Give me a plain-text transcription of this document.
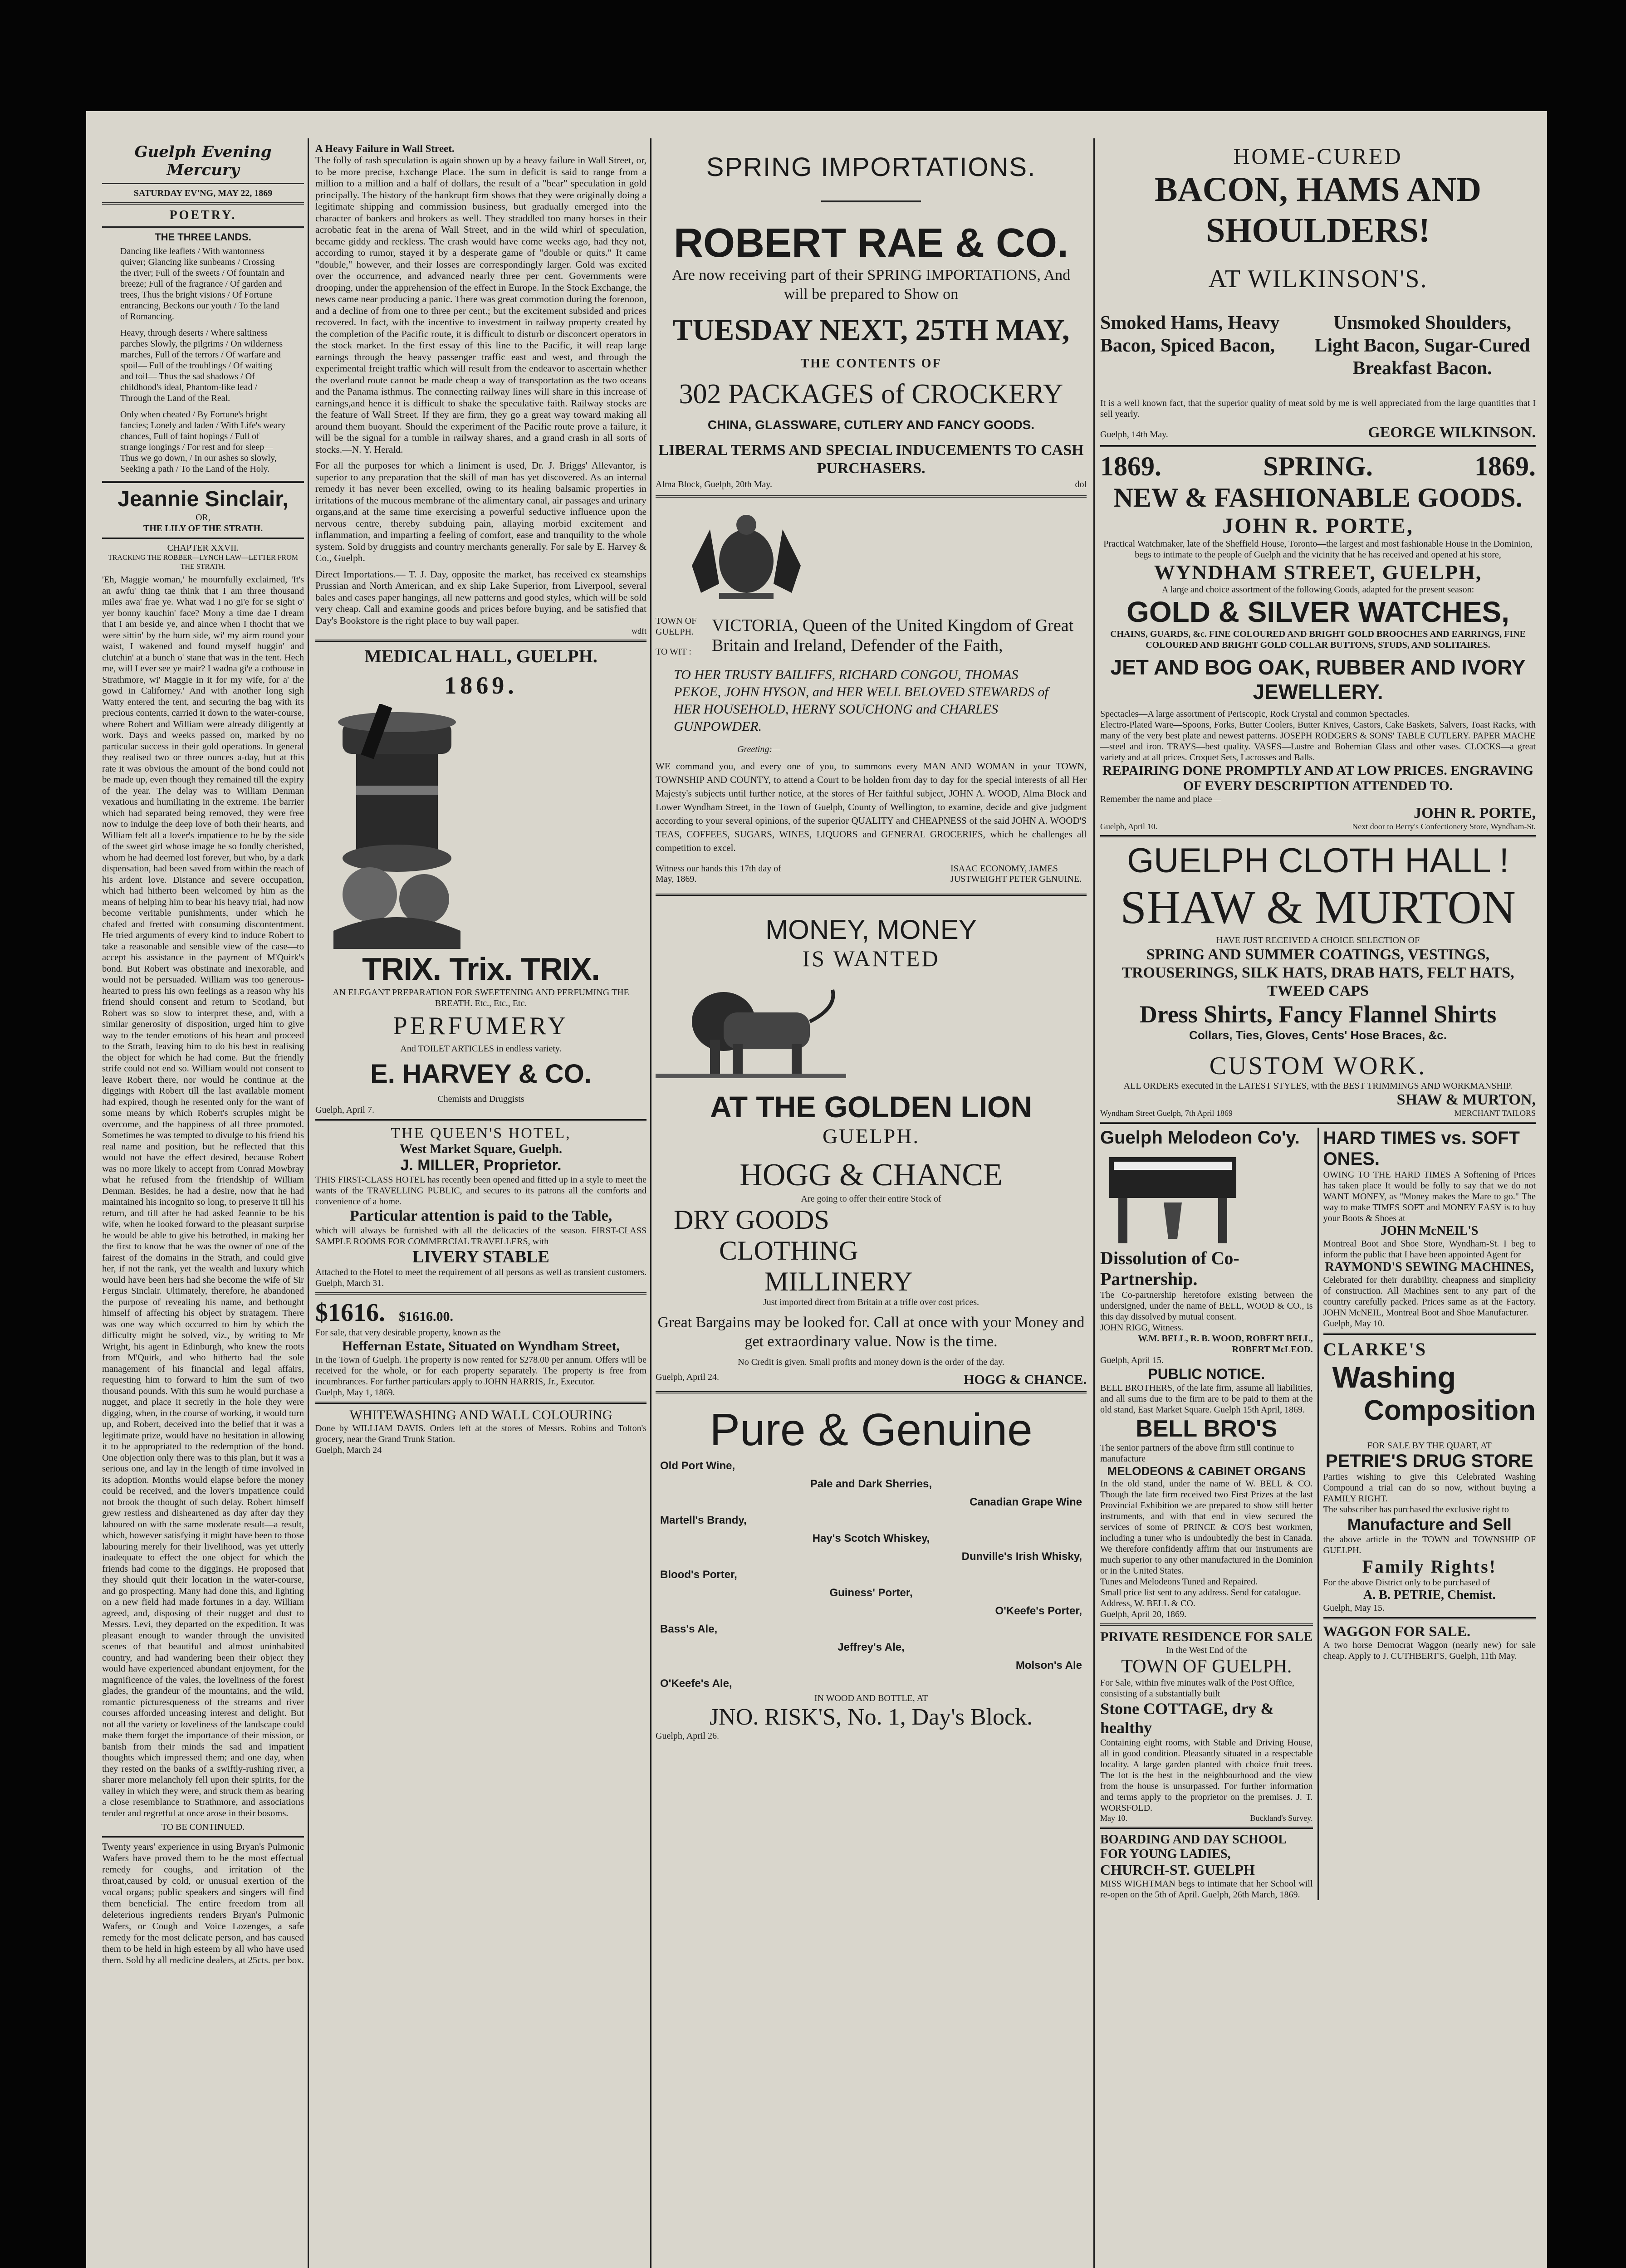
Guelph Evening Mercury
SATURDAY EV'NG, MAY 22, 1869
POETRY.
THE THREE LANDS.

Dancing like leaflets / With wantonness quiver; Glancing like sunbeams / Crossing the river; Full of the sweets / Of fountain and breeze; Full of the fragrance / Of garden and trees, Thus the bright visions / Of Fortune entrancing, Beckons our youth / To the land of Romancing.

Heavy, through deserts / Where saltiness parches Slowly, the pilgrims / On wilderness marches, Full of the terrors / Of warfare and spoil— Full of the troublings / Of waiting and toil— Thus the sad shadows / Of childhood's ideal, Phantom-like lead / Through the Land of the Real.

Only when cheated / By Fortune's bright fancies; Lonely and laden / With Life's weary chances, Full of faint hopings / Full of strange longings / For rest and for sleep— Thus we go down, / In our ashes so slowly, Seeking a path / To the Land of the Holy.

Jeannie Sinclair,
OR,
THE LILY OF THE STRATH.
CHAPTER XXVII.
TRACKING THE ROBBER—LYNCH LAW—LETTER FROM THE STRATH.

'Eh, Maggie woman,' he mournfully exclaimed, 'It's an awfu' thing tae think that I am three thousand miles awa' frae ye. What wad I no gi'e for se sight o' yer bonny kauchin' face? Mony a time dae I dream that I am beside ye, and aince when I thocht that we were sittin' by the burn side, wi' my airm round your waist, I wakened and found myself huggin' and clutchin' at a bunch o' stane that was in the tent. Hech me, will I ever see ye mair? I wadna gi'e a cotbouse in Strathmore, wi' Maggie in it for my wife, for a' the gowd in Californey.' And with another long sigh Watty entered the tent, and securing the bag with its precious contents, carried it down to the water-course, where Robert and William were already diligently at work. Days and weeks passed on, marked by no particular success in their gold operations. In general they realised two or three ounces a-day, but at this rate it was obvious the amount of the bond could not be made up, even though they remained till the expiry of the year. The delay was to William Denman vexatious and humiliating in the extreme. The barrier which had separated being removed, they were free now to indulge the deep love of both their hearts, and William felt all a lover's impatience to be by the side of the sweet girl whose image he so fondly cherished, whom he had deemed lost forever, but who, by a dark dispensation, had been saved from within the reach of his ardent love. Distance and severe occupation, which had hitherto been welcomed by him as the means of helping him to bear his heavy trial, had now become veritable punishments, under which he chafed and fretted with consuming discontentment. He tried arguments of every kind to induce Robert to take a reasonable and sensible view of the case—to accept his assistance in the payment of M'Quirk's bond. But Robert was obstinate and inexorable, and would not be persuaded. William was too generous-hearted to press his own feelings as a reason why his friend should consent and return to Scotland, but Robert was so slow to interpret these, and, with a similar generosity of disposition, urged him to give way to the tender emotions of his heart and proceed to the Strath, leaving him to do his best in realising the object for which he had come. But the friendly strife could not end so. William would not consent to leave Robert there, nor would he continue at the diggings with Robert till the last available moment had expired, though he resented only for the want of some means by which Robert's scruples might be overcome, and the happiness of all three promoted. Sometimes he was tempted to divulge to his friend his real name and position, but he reflected that this would not have the effect desired, because Robert was no more likely to accept from Conrad Mowbray what he refused from the friendship of William Denman. Besides, he had a desire, now that he had maintained his incognito so long, to preserve it till his return, and till after he had asked Jeannie to be his wife, when he looked forward to the pleasant surprise he would be able to give his betrothed, in making her the first to know that he was the owner of one of the fairest of the domains in the Strath, and could give her, if not the rank, yet the wealth and luxury which would have been hers had she become the wife of Sir Fergus Sinclair. Ultimately, therefore, he abandoned the purpose of revealing his name, and bethought himself of affecting his object by stratagem. There was one way which occurred to him by which the difficulty might be solved, viz., by writing to Mr Wright, his agent in Edinburgh, who knew the roots from M'Quirk, and who hitherto had the sole management of his financial and legal affairs, requesting him to forward to him the sum of two thousand pounds. With this sum he would purchase a nugget, and place it secretly in the hole they were digging, when, in the course of working, it would turn up, and Robert, deceived into the belief that it was a legitimate prize, would have no hesitation in allowing it to be appropriated to the redemption of the bond. One objection only there was to this plan, but it was a serious one, and lay in the length of time involved in its adoption. Months would elapse before the money could be received, and the lover's impatience could not brook the thought of such delay. Robert himself grew restless and disheartened as day after day they laboured on with the same moderate result—a result, which, however satisfying it might have been to those labouring merely for their livelihood, was yet utterly inadequate to effect the one object for which the friends had come to the diggings. He proposed that they should quit their location in the water-course, and go prospecting. Many had done this, and lighting on a new field had made fortunes in a day. William agreed, and, disposing of their nugget and dust to Messrs. Levi, they departed on the expedition. It was pleasant enough to wander through the unvisited scenes of that beautiful and almost uninhabited country, and had wandering been their object they would have experienced abundant enjoyment, for the magnificence of the vales, the loveliness of the forest glades, the grandeur of the mountains, and the wild, romantic picturesqueness of the streams and river courses afforded unceasing interest and delight. But not all the variety or loveliness of the landscape could make them forget the importance of their mission, or banish from their minds the sad and impatient thoughts which impressed them; and one day, when they rested on the banks of a swiftly-rushing river, a sharer more melancholy fell upon their spirits, for the valley in which they were, and struck them as bearing a close resemblance to Strathmore, and associations tender and regretful at once arose in their bosoms.

TO BE CONTINUED.

Twenty years' experience in using Bryan's Pulmonic Wafers have proved them to be the most effectual remedy for coughs, and irritation of the throat,caused by cold, or unusual exertion of the vocal organs; public speakers and singers will find them beneficial. The entire freedom from all deleterious ingredients renders Bryan's Pulmonic Wafers, or Cough and Voice Lozenges, a safe remedy for the most delicate person, and has caused them to be held in high esteem by all who have used them. Sold by all medicine dealers, at 25cts. per box.

A Heavy Failure in Wall Street.

The folly of rash speculation is again shown up by a heavy failure in Wall Street, or, to be more precise, Exchange Place. The sum in deficit is said to range from a million to a million and a half of dollars, the result of a "bear" speculation in gold principally. The history of the bankrupt firm shows that they were originally doing a legitimate shipping and commission business, but gradually emerged into the character of bankers and brokers as well. They straddled too many horses in their acrobatic feat in the arena of Wall Street, and in the wild whirl of speculation, became giddy and reckless. The crash would have come weeks ago, had they not, according to rumor, stayed it by a desperate game of "double or quits." It came "double," however, and their losses are correspondingly larger. Gold was excited over the occurrence, and advanced nearly three per cent. Governments were drooping, under the apprehension of the effect in Europe. In the Stock Exchange, the news came near producing a panic. There was great commotion during the forenoon, and a decline of from one to three per cent.; but the excitement subsided and prices recovered. In fact, with the incentive to investment in railway property created by the completion of the Pacific route, it is difficult to disturb or disconcert operators in the stock market. In the first essay of this line to the Pacific, it will reap large earnings through the heavy passenger traffic east and west, and through the experimental freight traffic which will result from the endeavor to ascertain whether the overland route cannot be made cheap a way of transportation as the two oceans and the Panama isthmus. The connecting railway lines will share in this increase of earnings,and hence it is difficult to shake the speculative faith. Railway stocks are the feature of Wall Street. If they are firm, they go a great way toward making all around them buoyant. Should the experiment of the Pacific route prove a failure, it will be the signal for a tumble in railway shares, and a grand crash in all sorts of stocks.—N. Y. Herald.

For all the purposes for which a liniment is used, Dr. J. Briggs' Allevantor, is superior to any preparation that the skill of man has yet discovered. As an internal remedy it has never been excelled, owing to its healing balsamic properties in irritations of the mucous membrane of the alimentary canal, air passages and urinary organs,and at the same time exercising a powerful seductive influence upon the nervous centre, thereby subduing pain, allaying morbid excitement and inflammation, and imparting a feeling of comfort, ease and tranquility to the whole system. Sold by druggists and country merchants generally. For sale by E. Harvey & Co., Guelph.

Direct Importations.— T. J. Day, opposite the market, has received ex steamships Prussian and North American, and ex ship Lake Superior, from Liverpool, several bales and cases paper hangings, all new patterns and good styles, which will be sold very cheap. Call and examine goods and prices before buying, and be satisfied that Day's Bookstore is the right place to buy wall paper.

wdft
MEDICAL HALL, GUELPH.
1869.
TRIX. Trix. TRIX.
AN ELEGANT PREPARATION FOR SWEETENING AND PERFUMING THE BREATH. Etc., Etc., Etc.
PERFUMERY
And TOILET ARTICLES in endless variety.
E. HARVEY & CO.
Chemists and Druggists
Guelph, April 7.
THE QUEEN'S HOTEL,
West Market Square, Guelph.
J. MILLER, Proprietor.

THIS FIRST-CLASS HOTEL has recently been opened and fitted up in a style to meet the wants of the TRAVELLING PUBLIC, and secures to its patrons all the comforts and convenience of a home.

Particular attention is paid to the Table,

which will always be furnished with all the delicacies of the season. FIRST-CLASS SAMPLE ROOMS FOR COMMERCIAL TRAVELLERS, with

LIVERY STABLE

Attached to the Hotel to meet the requirement of all persons as well as transient customers. Guelph, March 31.

$1616. $1616.00.
For sale, that very desirable property, known as the
Heffernan Estate, Situated on Wyndham Street,

In the Town of Guelph. The property is now rented for $278.00 per annum. Offers will be received for the whole, or for each property separately. The property is free from incumbrances. For further particulars apply to JOHN HARRIS, Jr., Executor.

Guelph, May 1, 1869.
WHITEWASHING AND WALL COLOURING

Done by WILLIAM DAVIS. Orders left at the stores of Messrs. Robins and Tolton's grocery, near the Grand Trunk Station.

Guelph, March 24
SPRING IMPORTATIONS.
ROBERT RAE & CO.
Are now receiving part of their SPRING IMPORTATIONS, And will be prepared to Show on
TUESDAY NEXT, 25TH MAY,
THE CONTENTS OF
302 PACKAGES of CROCKERY
CHINA, GLASSWARE, CUTLERY AND FANCY GOODS.
LIBERAL TERMS AND SPECIAL INDUCEMENTS TO CASH PURCHASERS.
Alma Block, Guelph, 20th May.	dol
TOWN OF GUELPH.
TO WIT :
VICTORIA, Queen of the United Kingdom of Great Britain and Ireland, Defender of the Faith,
TO HER TRUSTY BAILIFFS, RICHARD CONGOU, THOMAS PEKOE, JOHN HYSON, and HER WELL BELOVED STEWARDS of HER HOUSEHOLD, HERNY SOUCHONG and CHARLES GUNPOWDER.
Greeting:—

WE command you, and every one of you, to summons every MAN AND WOMAN in your TOWN, TOWNSHIP AND COUNTY, to attend a Court to be holden from day to day for the special interests of all Her Majesty's subjects until further notice, at the stores of Her faithful subject, JOHN A. WOOD, Alma Block and Lower Wyndham Street, in the Town of Guelph, County of Wellington, to examine, decide and give judgment according to your several opinions, of the superior QUALITY and CHEAPNESS of the said JOHN A. WOOD'S TEAS, COFFEES, SUGARS, WINES, LIQUORS and GENERAL GROCERIES, which he challenges all competition to excel.

Witness our hands this 17th day of May, 1869.
ISAAC ECONOMY, JAMES JUSTWEIGHT PETER GENUINE.
MONEY, MONEY
IS WANTED
AT THE GOLDEN LION
GUELPH.
HOGG & CHANCE
Are going to offer their entire Stock of
DRY GOODS
CLOTHING
MILLINERY
Just imported direct from Britain at a trifle over cost prices.
Great Bargains may be looked for. Call at once with your Money and get extraordinary value. Now is the time.
No Credit is given. Small profits and money down is the order of the day.
Guelph, April 24.	HOGG & CHANCE.
Pure & Genuine
Old Port Wine,
Pale and Dark Sherries,
Canadian Grape Wine
Martell's Brandy,
Hay's Scotch Whiskey,
Dunville's Irish Whisky,
Blood's Porter,
Guiness' Porter,
O'Keefe's Porter,
Bass's Ale,
Jeffrey's Ale,
Molson's Ale
O'Keefe's Ale,
IN WOOD AND BOTTLE, AT
JNO. RISK'S, No. 1, Day's Block.
Guelph, April 26.
HOME-CURED
BACON, HAMS AND SHOULDERS!
AT WILKINSON'S.
Smoked Hams, Heavy Bacon, Spiced Bacon,
Unsmoked Shoulders, Light Bacon, Sugar-Cured Breakfast Bacon.

It is a well known fact, that the superior quality of meat sold by me is well appreciated from the large quantities that I sell yearly.

Guelph, 14th May.	GEORGE WILKINSON.
1869.	SPRING.	1869.
NEW & FASHIONABLE GOODS.
JOHN R. PORTE,

Practical Watchmaker, late of the Sheffield House, Toronto—the largest and most fashionable House in the Dominion, begs to intimate to the people of Guelph and the vicinity that he has received and opened at his store,

WYNDHAM STREET, GUELPH,
A large and choice assortment of the following Goods, adapted for the present season:
GOLD & SILVER WATCHES,
CHAINS, GUARDS, &c. FINE COLOURED AND BRIGHT GOLD BROOCHES AND EARRINGS, FINE COLOURED AND BRIGHT GOLD COLLAR BUTTONS, STUDS, AND SOLITAIRES.
JET AND BOG OAK, RUBBER AND IVORY JEWELLERY.

Spectacles—A large assortment of Periscopic, Rock Crystal and common Spectacles.

Electro-Plated Ware—Spoons, Forks, Butter Coolers, Butter Knives, Castors, Cake Baskets, Salvers, Toast Racks, with many of the very best plate and newest patterns. JOSEPH RODGERS & SONS' TABLE CUTLERY. PAPER MACHE—steel and iron. TRAYS—best quality. VASES—Lustre and Bohemian Glass and other vases. CLOCKS—a great variety and at all prices. Croquet Sets, Lacrosses and Balls.

REPAIRING DONE PROMPTLY AND AT LOW PRICES. ENGRAVING OF EVERY DESCRIPTION ATTENDED TO.
Remember the name and place—
JOHN R. PORTE,
Guelph, April 10.	Next door to Berry's Confectionery Store, Wyndham-St.
GUELPH CLOTH HALL !
SHAW & MURTON
HAVE JUST RECEIVED A CHOICE SELECTION OF
SPRING AND SUMMER COATINGS, VESTINGS, TROUSERINGS, SILK HATS, DRAB HATS, FELT HATS, TWEED CAPS
Dress Shirts, Fancy Flannel Shirts
Collars, Ties, Gloves, Cents' Hose Braces, &c.
CUSTOM WORK.
ALL ORDERS executed in the LATEST STYLES, with the BEST TRIMMINGS AND WORKMANSHIP.
SHAW & MURTON,
Wyndham Street Guelph, 7th April 1869	MERCHANT TAILORS
Guelph Melodeon Co'y.
Dissolution of Co-Partnership.

The Co-partnership heretofore existing between the undersigned, under the name of BELL, WOOD & CO., is this day dissolved by mutual consent.

JOHN RIGG, Witness.
W.M. BELL, R. B. WOOD, ROBERT BELL, ROBERT McLEOD.
Guelph, April 15.
PUBLIC NOTICE.

BELL BROTHERS, of the late firm, assume all liabilities, and all sums due to the firm are to be paid to them at the old stand, East Market Square. Guelph 15th April, 1869.

BELL BRO'S
The senior partners of the above firm still continue to manufacture
MELODEONS & CABINET ORGANS

In the old stand, under the name of W. BELL & CO. Though the late firm received two First Prizes at the last Provincial Exhibition we are prepared to show still better instruments, and with that end in view secured the services of some of PRINCE & CO'S best workmen, including a tuner who is undoubtedly the best in Canada. We therefore confidently affirm that our instruments are much superior to any other manufactured in the Dominion or in the United States.

Tunes and Melodeons Tuned and Repaired.
Small price list sent to any address. Send for catalogue.
Address, W. BELL & CO.
Guelph, April 20, 1869.
PRIVATE RESIDENCE FOR SALE
In the West End of the
TOWN OF GUELPH.
For Sale, within five minutes walk of the Post Office, consisting of a substantially built
Stone COTTAGE, dry & healthy

Containing eight rooms, with Stable and Driving House, all in good condition. Pleasantly situated in a respectable locality. A large garden planted with choice fruit trees. The lot is the best in the neighbourhood and the view from the house is unsurpassed. For further information and terms apply to the proprietor on the premises. J. T. WORSFOLD.

May 10.	Buckland's Survey.
BOARDING AND DAY SCHOOL FOR YOUNG LADIES,
CHURCH-ST. GUELPH

MISS WIGHTMAN begs to intimate that her School will re-open on the 5th of April. Guelph, 26th March, 1869.

HARD TIMES vs. SOFT ONES.

OWING TO THE HARD TIMES A Softening of Prices has taken place It would be folly to say that we do not WANT MONEY, as "Money makes the Mare to go." The way to make TIMES SOFT and MONEY EASY is to buy your Boots & Shoes at

JOHN McNEIL'S

Montreal Boot and Shoe Store, Wyndham-St. I beg to inform the public that I have been appointed Agent for

RAYMOND'S SEWING MACHINES,

Celebrated for their durability, cheapness and simplicity of construction. All Machines sent to any part of the country carefully packed. Prices same as at the Factory. JOHN McNEIL, Montreal Boot and Shoe Manufacturer.

Guelph, May 10.
CLARKE'S
Washing
Composition
FOR SALE BY THE QUART, AT
PETRIE'S DRUG STORE

Parties wishing to give this Celebrated Washing Compound a trial can do so now, without buying a FAMILY RIGHT.

The subscriber has purchased the exclusive right to

Manufacture and Sell

the above article in the TOWN and TOWNSHIP OF GUELPH.

Family Rights!
For the above District only to be purchased of
A. B. PETRIE, Chemist.
Guelph, May 15.
WAGGON FOR SALE.

A two horse Democrat Waggon (nearly new) for sale cheap. Apply to J. CUTHBERT'S, Guelph, 11th May.
